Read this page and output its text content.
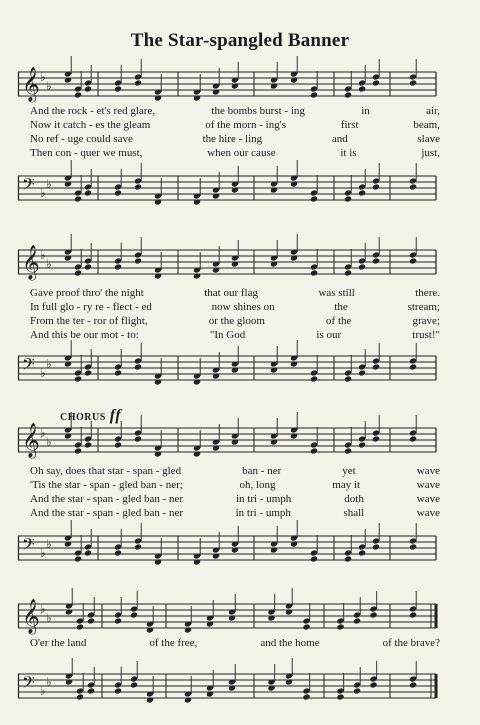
The Star-spangled Banner
CHORUS ff
𝄞 ♭
♭
And the rock - et's red glare,	the bombs burst - ing	in	air,
Now it catch - es the gleam	of the morn - ing's	first	beam,
No ref - uge could save	the hire - ling	and	slave
Then con - quer we must,	when our cause	it is	just,
𝄢 ♭
♭
𝄞 ♭
♭
Gave proof thro' the night	that our flag	was still	there.
In full glo - ry re - flect - ed	now shines on	the	stream;
From the ter - ror of flight,	or the gloom	of the	grave;
And this be our mot - to:	"In God	is our	trust!"
𝄢 ♭
♭
𝄞 ♭
♭
Oh say, does that star - span - gled	ban - ner	yet	wave
'Tis the star - span - gled ban - ner;	oh, long	may it	wave
And the star - span - gled ban - ner	in tri - umph	doth	wave
And the star - span - gled ban - ner	in tri - umph	shall	wave
𝄢 ♭
♭
𝄞 ♭
♭
O'er the land	of the free,	and the home	of the brave?
𝄢 ♭
♭
